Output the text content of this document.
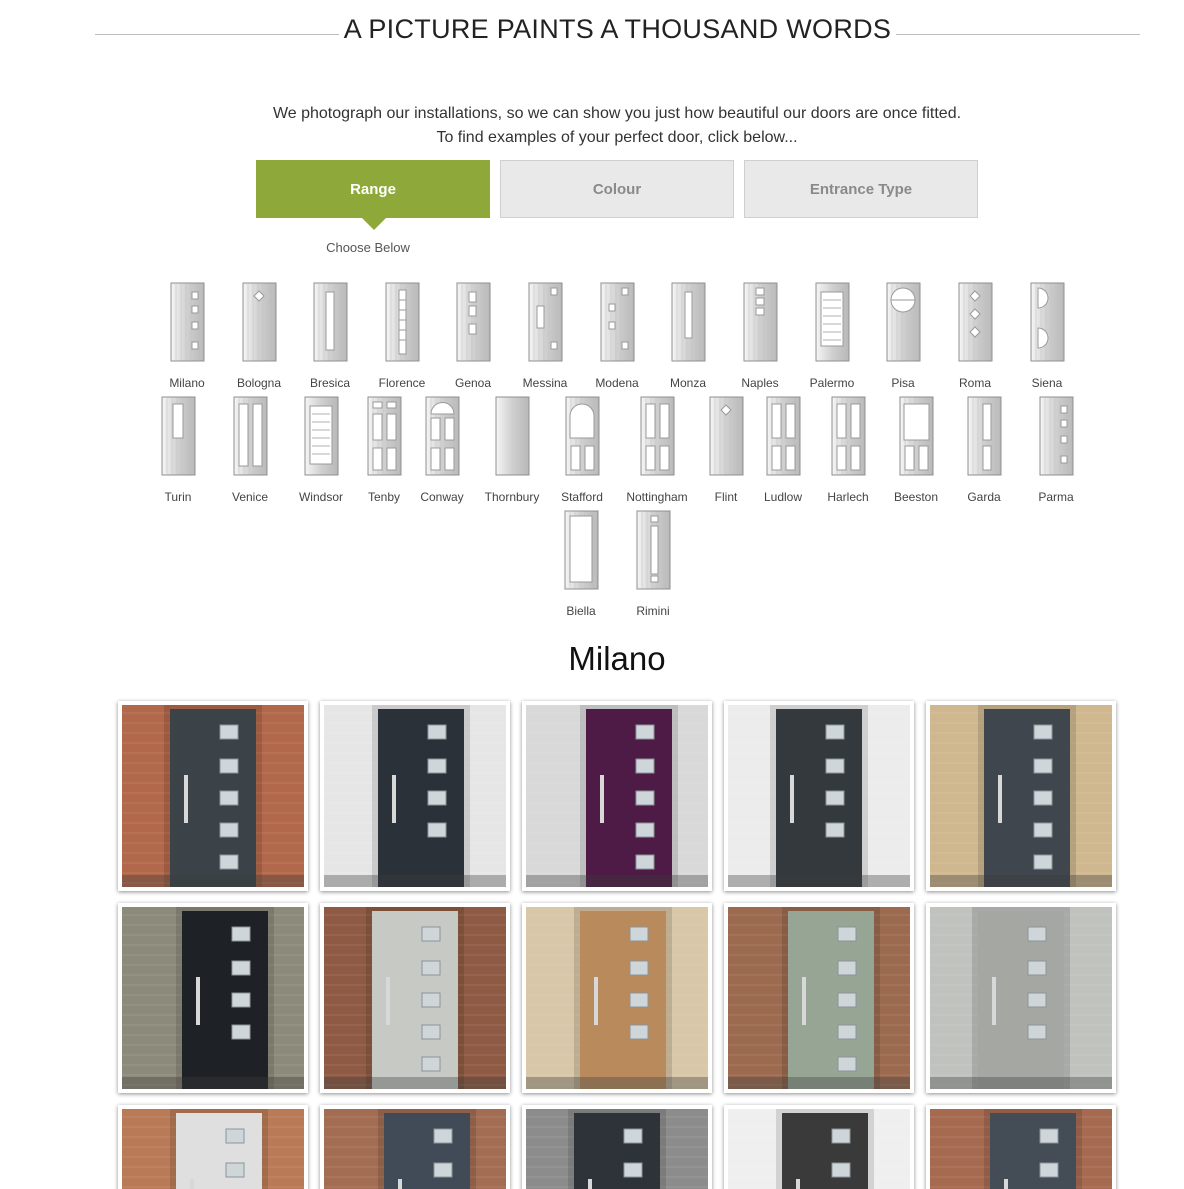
A PICTURE PAINTS A THOUSAND WORDS

We photograph our installations, so we can show you just how beautiful our doors are once fitted.

To find examples of your perfect door, click below...

Range	Colour	Entrance Type
Choose Below
Milano	Bologna	Bresica	Florence	Genoa	Messina	Modena	Monza	Naples	Palermo	Pisa	Roma	Siena
Turin	Venice	Windsor	Tenby	Conway	Thornbury	Stafford	Nottingham	Flint	Ludlow	Harlech	Beeston	Garda	Parma
Biella	Rimini
Milano
